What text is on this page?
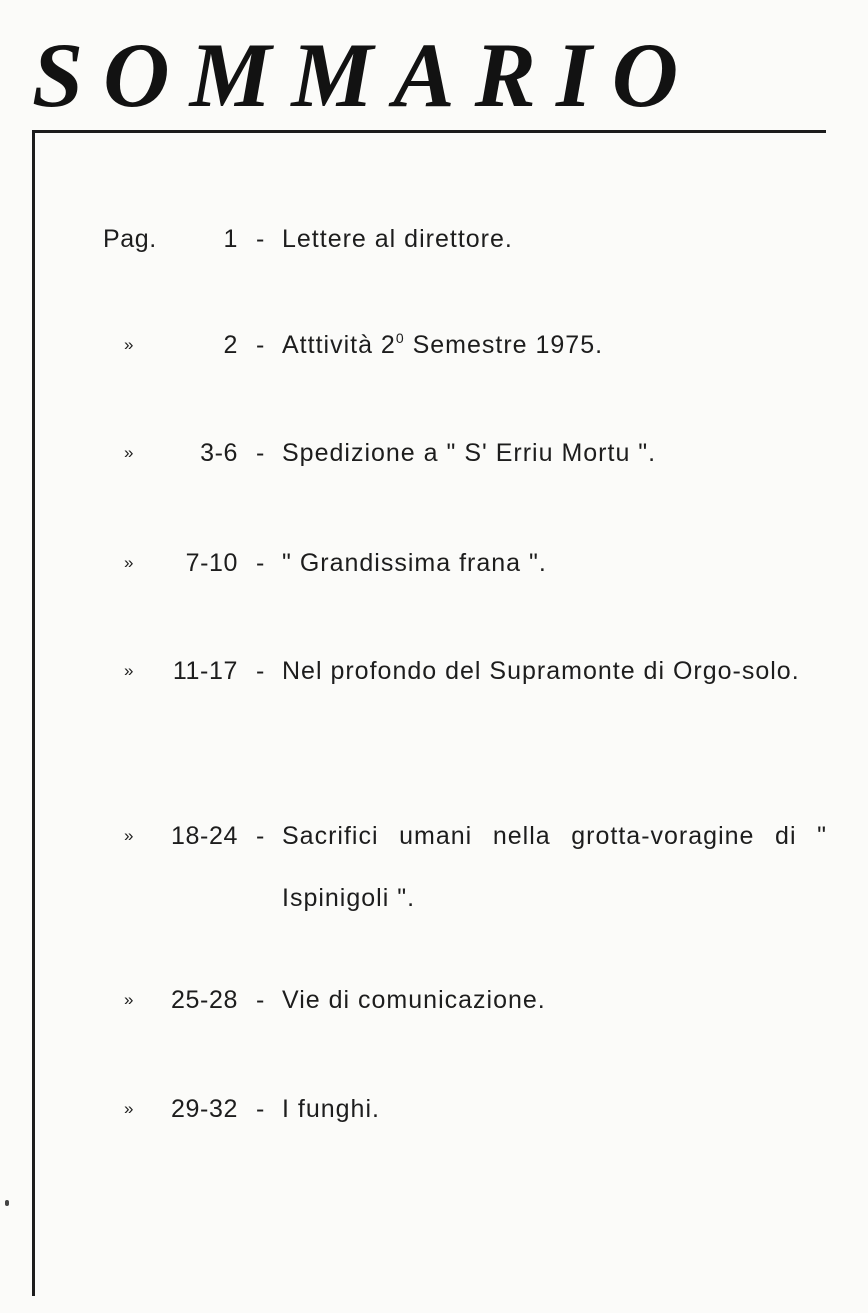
SOMMARIO
Pag.	1 - Lettere al direttore.
»	2 - Atttività $2^0$ Semestre 1975.
»	3-6 - Spedizione a " S' Erriu Mortu ".
» 7-10 - " Grandissima frana ".
» 11-17 - Nel profondo del Supramonte di Orgo-solo.
» 18-24 - Sacrifici umani nella grotta-voragine di " Ispinigoli ".
» 25-28 - Vie di comunicazione.
» 29-32 - I funghi.
